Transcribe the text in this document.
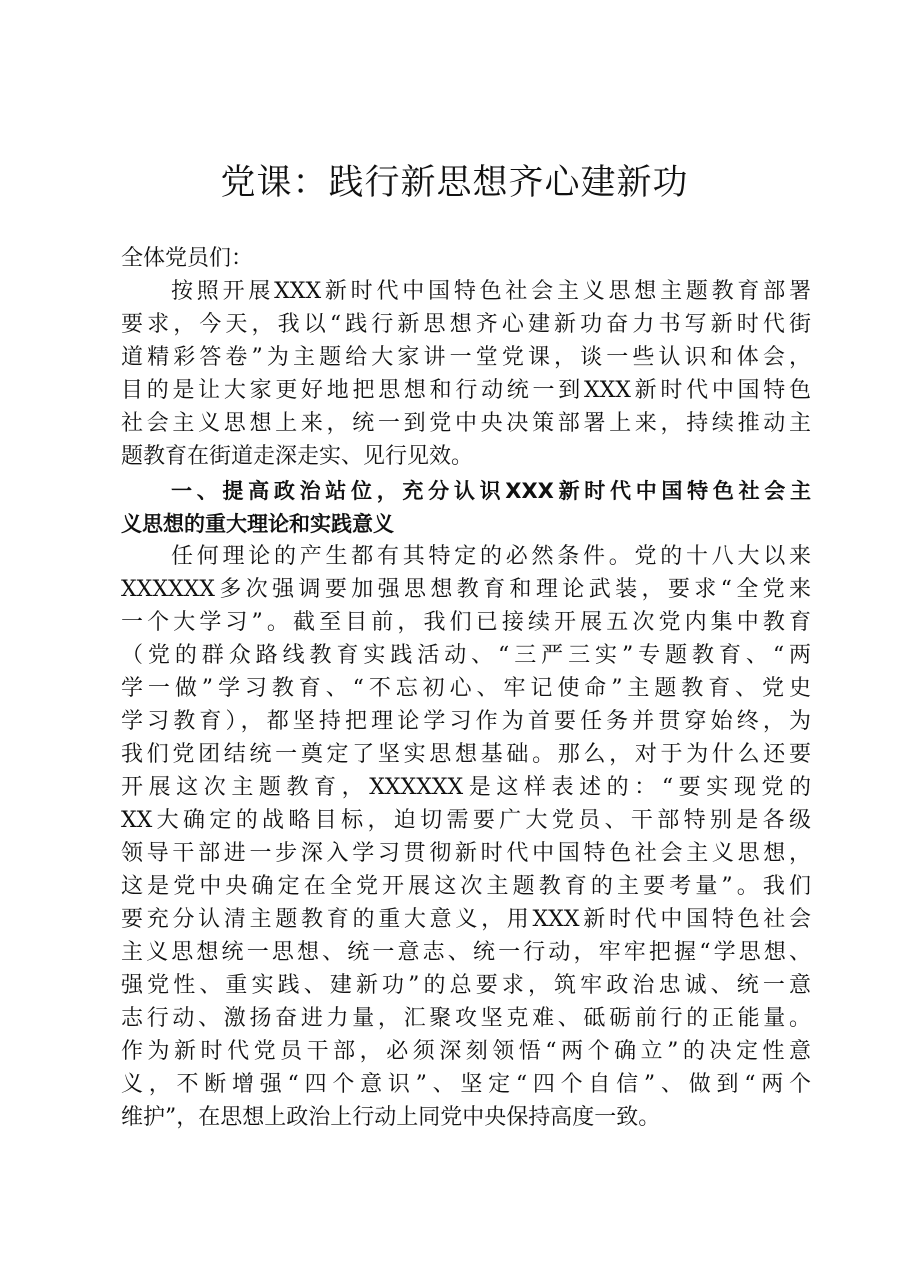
党课：践行新思想齐心建新功
全体党员们：
按照开展XXX新时代中国特色社会主义思想主题教育部署
要求，今天，我以“践行新思想齐心建新功奋力书写新时代街
道精彩答卷”为主题给大家讲一堂党课，谈一些认识和体会，
目的是让大家更好地把思想和行动统一到XXX新时代中国特色
社会主义思想上来，统一到党中央决策部署上来，持续推动主
题教育在街道走深走实、见行见效。
一、提高政治站位，充分认识XXX新时代中国特色社会主
义思想的重大理论和实践意义
任何理论的产生都有其特定的必然条件。党的十八大以来
XXXXXX多次强调要加强思想教育和理论武装，要求“全党来
一个大学习”。截至目前，我们已接续开展五次党内集中教育
（党的群众路线教育实践活动、“三严三实”专题教育、“两
学一做”学习教育、“不忘初心、牢记使命”主题教育、党史
学习教育），都坚持把理论学习作为首要任务并贯穿始终，为
我们党团结统一奠定了坚实思想基础。那么，对于为什么还要
开展这次主题教育，XXXXXX是这样表述的：“要实现党的
XX大确定的战略目标，迫切需要广大党员、干部特别是各级
领导干部进一步深入学习贯彻新时代中国特色社会主义思想，
这是党中央确定在全党开展这次主题教育的主要考量”。我们
要充分认清主题教育的重大意义，用XXX新时代中国特色社会
主义思想统一思想、统一意志、统一行动，牢牢把握“学思想、
强党性、重实践、建新功”的总要求，筑牢政治忠诚、统一意
志行动、激扬奋进力量，汇聚攻坚克难、砥砺前行的正能量。
作为新时代党员干部，必须深刻领悟“两个确立”的决定性意
义，不断增强“四个意识”、坚定“四个自信”、做到“两个
维护”，在思想上政治上行动上同党中央保持高度一致。
